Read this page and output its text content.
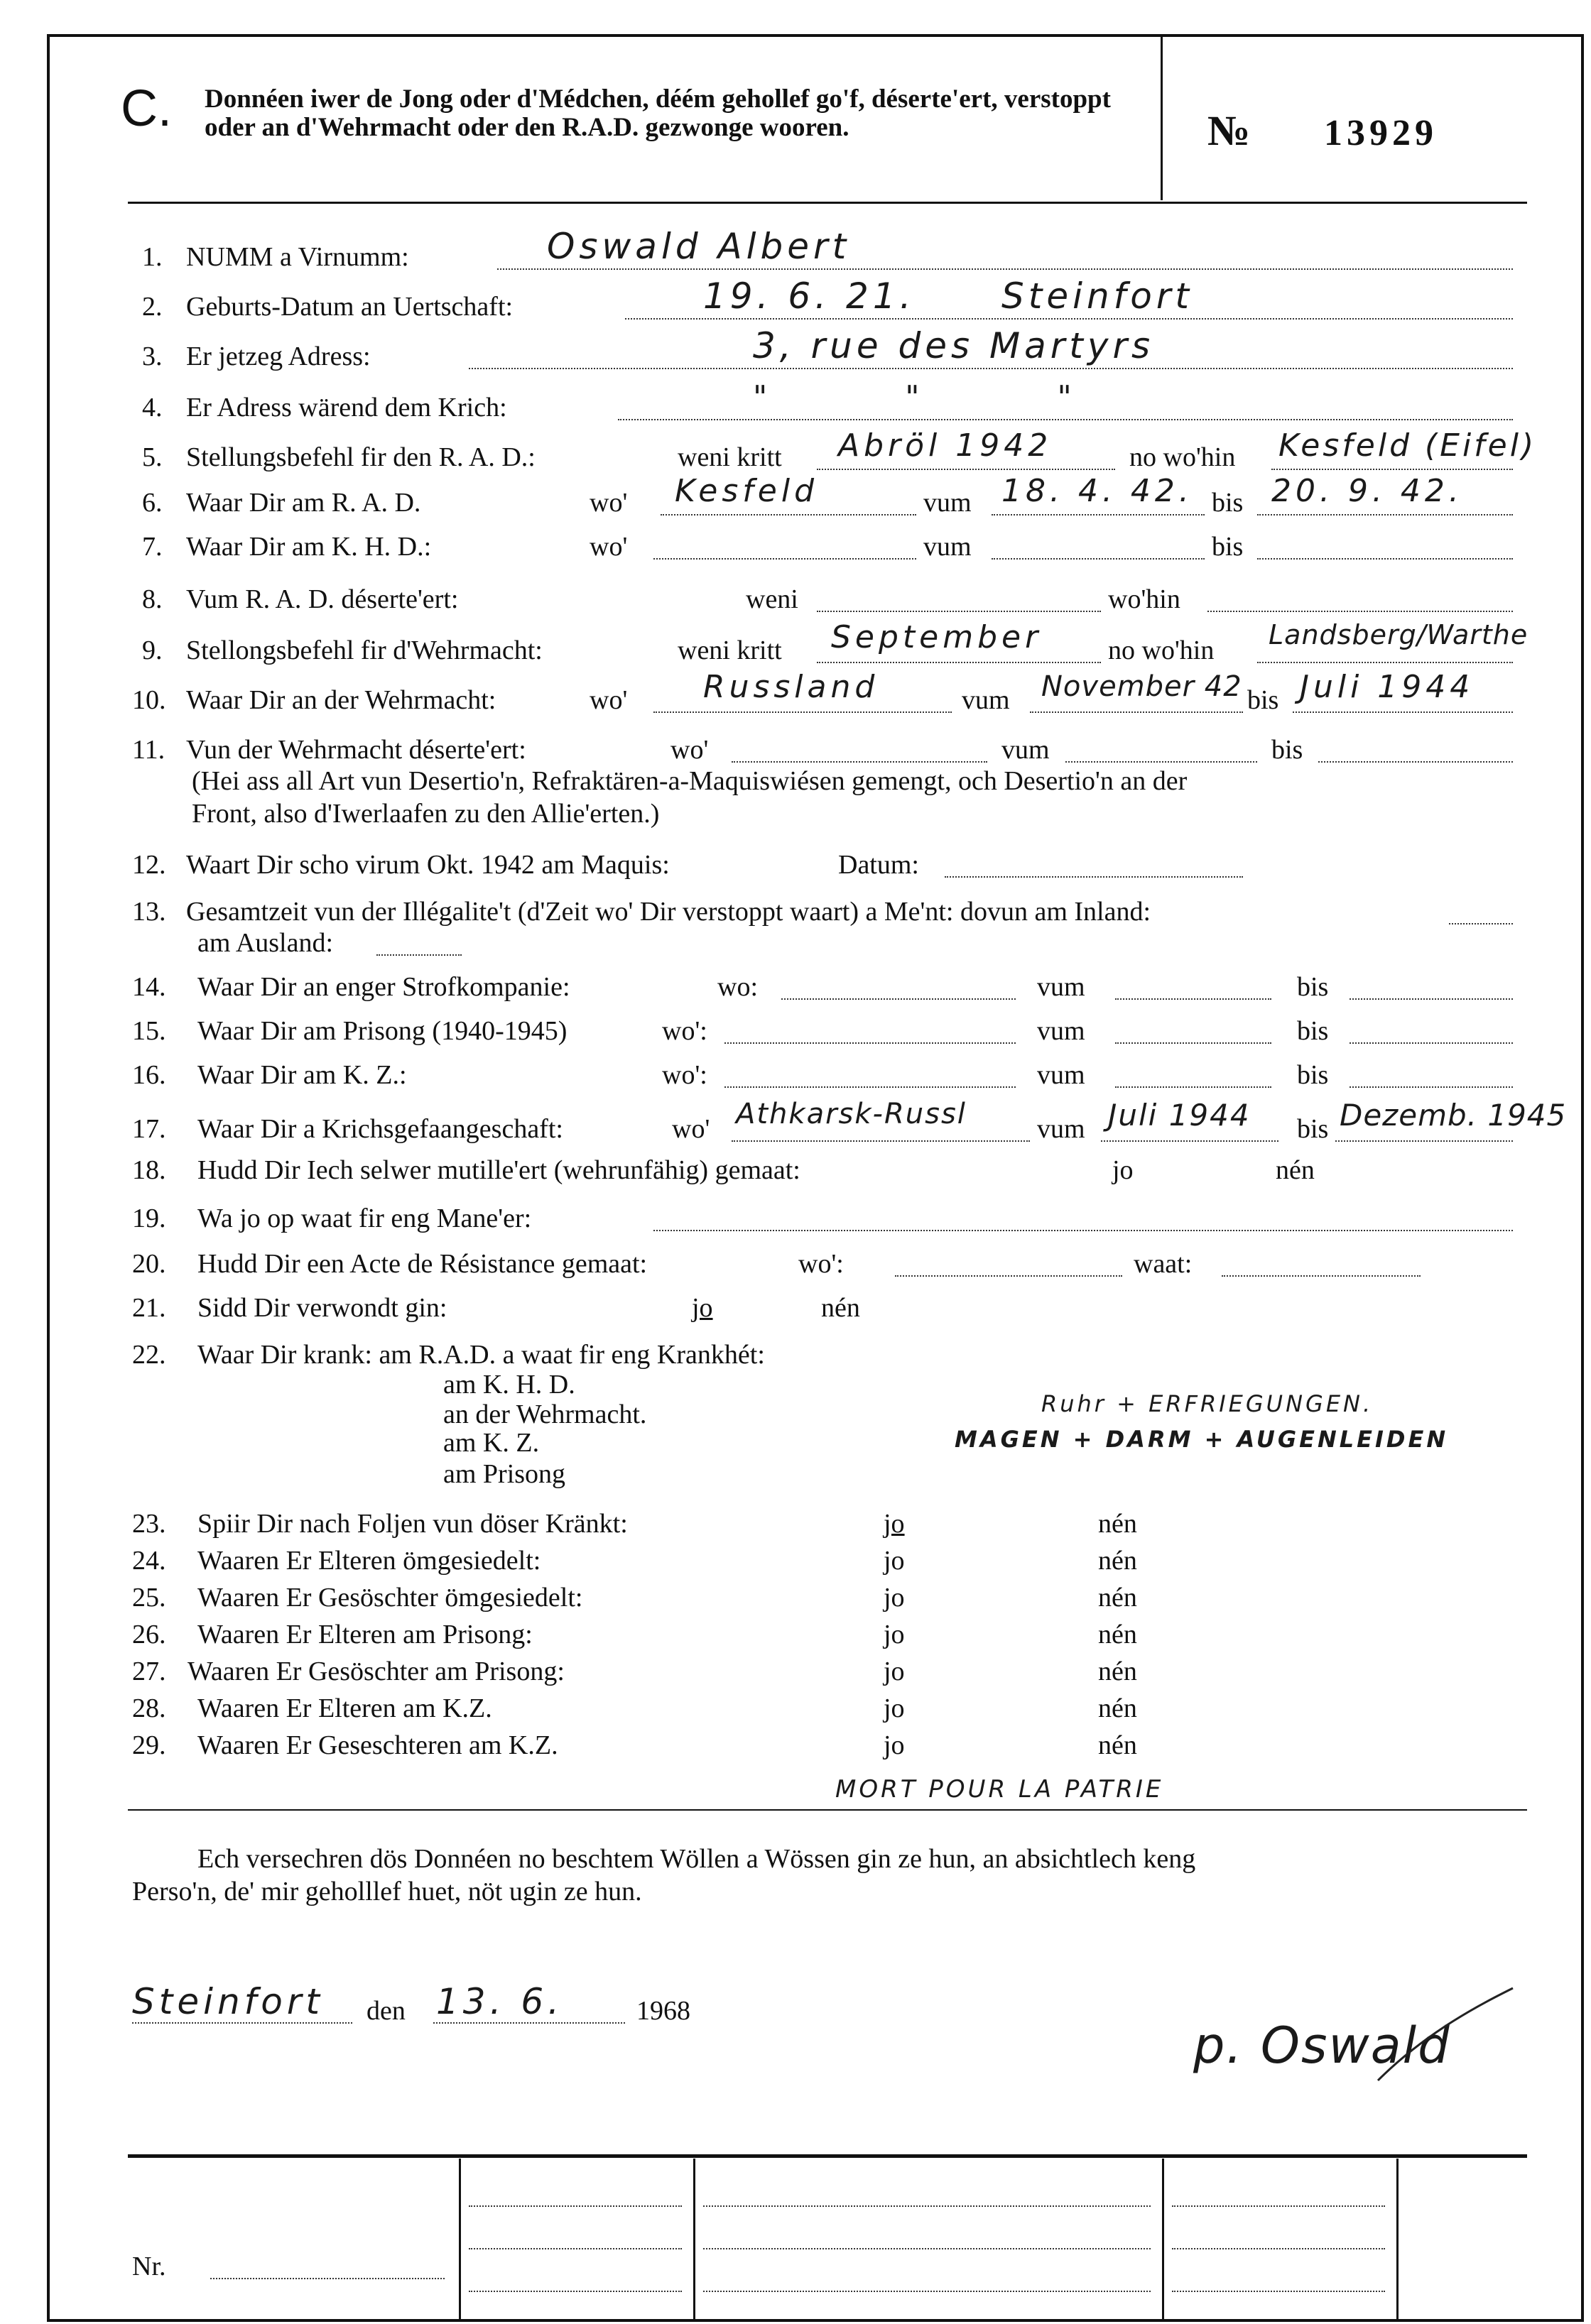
C. Donnéen iwer de Jong oder d'Médchen, déém gehollef go'f, déserte'ert, verstoppt oder an d'Wehrmacht oder den R.A.D. gezwonge wooren.	№ 13929
1. NUMM a Virnumm:	Oswald Albert
2. Geburts-Datum an Uertschaft:	19. 6. 21. Steinfort
3. Er jetzeg Adress:	3, rue des Martyrs
4. Er Adress wärend dem Krich:	" " "
5. Stellungsbefehl fir den R. A. D.:	weni kritt Abröl 1942	no wo'hin Kesfeld (Eifel)
6. Waar Dir am R. A. D.	wo' Kesfeld	vum 18. 4. 42. bis 20. 9. 42.
7. Waar Dir am K. H. D.:	wo'	vum	bis
8. Vum R. A. D. déserte'ert:	weni	wo'hin
9. Stellongsbefehl fir d'Wehrmacht:	weni kritt September no wo'hin Landsberg/Warthe
10. Waar Dir an der Wehrmacht:	wo' Russland	vum November 42 bis Juli 1944
11. Vun der Wehrmacht déserte'ert:	wo'	vum	bis
(Hei ass all Art vun Desertio'n, Refraktären-a-Maquiswiésen gemengt, och Desertio'n an der
Front, also d'Iwerlaafen zu den Allie'erten.)
12. Waart Dir scho virum Okt. 1942 am Maquis:	Datum:
13. Gesamtzeit vun der Illégalite't (d'Zeit wo' Dir verstoppt waart) a Me'nt: dovun am Inland:
am Ausland:
14. Waar Dir an enger Strofkompanie:	wo:	vum	bis
15. Waar Dir am Prisong (1940-1945)	wo':	vum	bis
16. Waar Dir am K. Z.:	wo':	vum	bis
17. Waar Dir a Krichsgefaangeschaft:	wo' Athkarsk-Russl	vum Juli 1944 bis Dezemb. 1945
18. Hudd Dir Iech selwer mutille'ert (wehrunfähig) gemaat:	jo	nén
19. Wa jo op waat fir eng Mane'er:
20. Hudd Dir een Acte de Résistance gemaat:	wo':	waat:
21. Sidd Dir verwondt gin:	jo	nén
22. Waar Dir krank: am R.A.D. a waat fir eng Krankhét:
am K. H. D.
an der Wehrmacht.
am K. Z.
am Prisong
Ruhr + ERFRIEGUNGEN.
MAGEN + DARM + AUGENLEIDEN
23. Spiir Dir nach Foljen vun döser Kränkt:	jo	nén
24. Waaren Er Elteren ömgesiedelt:	jo	nén
25. Waaren Er Gesöschter ömgesiedelt:	jo	nén
26. Waaren Er Elteren am Prisong:	jo	nén
27. Waaren Er Gesöschter am Prisong:	jo	nén
28. Waaren Er Elteren am K.Z.	jo	nén
29. Waaren Er Geseschteren am K.Z.	jo	nén
MORT POUR LA PATRIE
Ech versechren dös Donnéen no beschtem Wöllen a Wössen gin ze hun, an absichtlech keng
Perso'n, de' mir geholllef huet, nöt ugin ze hun.
Steinfort den 13. 6.	1968
p. Oswald
Nr.
